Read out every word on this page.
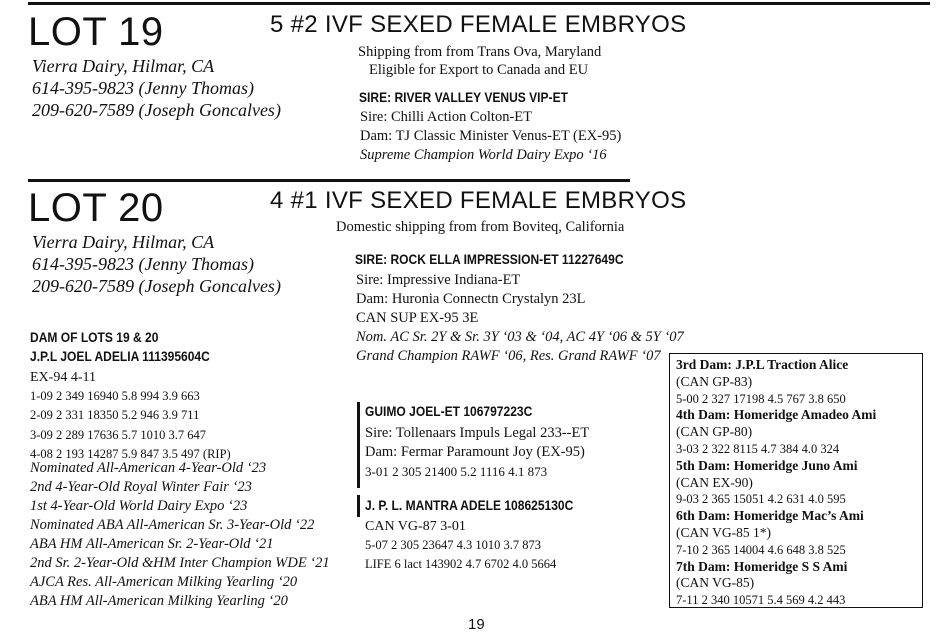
LOT 19	5 #2 IVF SEXED FEMALE EMBRYOS
Vierra Dairy, Hilmar, CA
614-395-9823 (Jenny Thomas)
209-620-7589 (Joseph Goncalves)
Shipping from from Trans Ova, Maryland
Eligible for Export to Canada and EU
SIRE: RIVER VALLEY VENUS VIP-ET
Sire: Chilli Action Colton-ET
Dam: TJ Classic Minister Venus-ET (EX-95)
Supreme Champion World Dairy Expo ‘16
LOT 20	4 #1 IVF SEXED FEMALE EMBRYOS
Domestic shipping from from Boviteq, California
Vierra Dairy, Hilmar, CA
614-395-9823 (Jenny Thomas)
209-620-7589 (Joseph Goncalves)
SIRE: ROCK ELLA IMPRESSION-ET 11227649C
Sire: Impressive Indiana-ET
Dam: Huronia Connectn Crystalyn 23L
CAN SUP EX-95 3E
Nom. AC Sr. 2Y & Sr. 3Y ‘03 & ‘04, AC 4Y ‘06 & 5Y ‘07
Grand Champion RAWF ‘06, Res. Grand RAWF ‘07
DAM OF LOTS 19 & 20
J.P.L JOEL ADELIA 111395604C
EX-94 4-11
1-09 2 349 16940 5.8 994 3.9 663
2-09 2 331 18350 5.2 946 3.9 711
3-09 2 289 17636 5.7 1010 3.7 647
4-08 2 193 14287 5.9 847 3.5 497 (RIP)
Nominated All-American 4-Year-Old ‘23
2nd 4-Year-Old Royal Winter Fair ‘23
1st 4-Year-Old World Dairy Expo ‘23
Nominated ABA All-American Sr. 3-Year-Old ‘22
ABA HM All-American Sr. 2-Year-Old ‘21
2nd Sr. 2-Year-Old &HM Inter Champion WDE ‘21
AJCA Res. All-American Milking Yearling ‘20
ABA HM All-American Milking Yearling ‘20
GUIMO JOEL-ET 106797223C
Sire: Tollenaars Impuls Legal 233--ET
Dam: Fermar Paramount Joy (EX-95)
3-01 2 305 21400 5.2 1116 4.1 873
J. P. L. MANTRA ADELE 108625130C
CAN VG-87 3-01
5-07 2 305 23647 4.3 1010 3.7 873
LIFE 6 lact 143902 4.7 6702 4.0 5664
3rd Dam: J.P.L Traction Alice
(CAN GP-83)
5-00 2 327 17198 4.5 767 3.8 650
4th Dam: Homeridge Amadeo Ami
(CAN GP-80)
3-03 2 322 8115 4.7 384 4.0 324
5th Dam: Homeridge Juno Ami
(CAN EX-90)
9-03 2 365 15051 4.2 631 4.0 595
6th Dam: Homeridge Mac’s Ami
(CAN VG-85 1*)
7-10 2 365 14004 4.6 648 3.8 525
7th Dam: Homeridge S S Ami
(CAN VG-85)
7-11 2 340 10571 5.4 569 4.2 443
19
